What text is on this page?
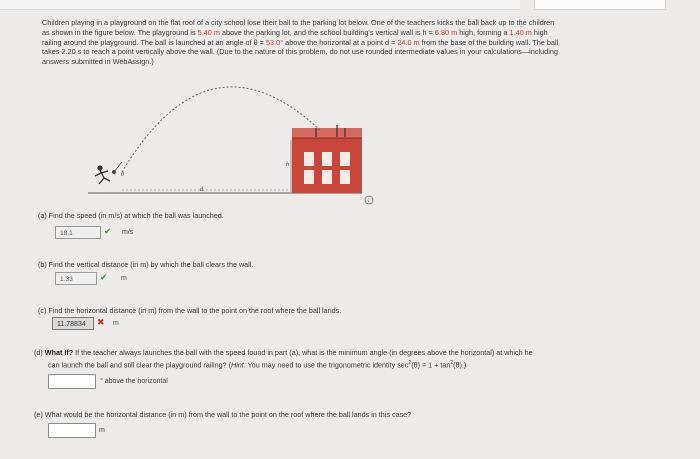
Children playing in a playground on the flat roof of a city school lose their ball to the parking lot below. One of the teachers kicks the ball back up to the children
as shown in the figure below. The playground is 5.40 m above the parking lot, and the school building's vertical wall is h = 6.80 m high, forming a 1.40 m high
railing around the playground. The ball is launched at an angle of θ = 53.0° above the horizontal at a point d = 24.0 m from the base of the building wall. The ball
takes 2.20 s to reach a point vertically above the wall. (Due to the nature of this problem, do not use rounded intermediate values in your calculations—including
answers submitted in WebAssign.)
h
d
θ
i
(a) Find the speed (in m/s) at which the ball was launched.
18.1	✔ m/s
(b) Find the vertical distance (in m) by which the ball clears the wall.
1.33	✔ m
(c) Find the horizontal distance (in m) from the wall to the point on the roof where the ball lands.
11.78834	✖ m
(d) What If? If the teacher always launches the ball with the speed found in part (a), what is the minimum angle (in degrees above the horizontal) at which he
can launch the ball and still clear the playground railing? (Hint: You may need to use the trigonometric identity $\sec^2(\theta) = 1 + \tan^2(\theta)$.)
° above the horizontal
(e) What would be the horizontal distance (in m) from the wall to the point on the roof where the ball lands in this case?
m
